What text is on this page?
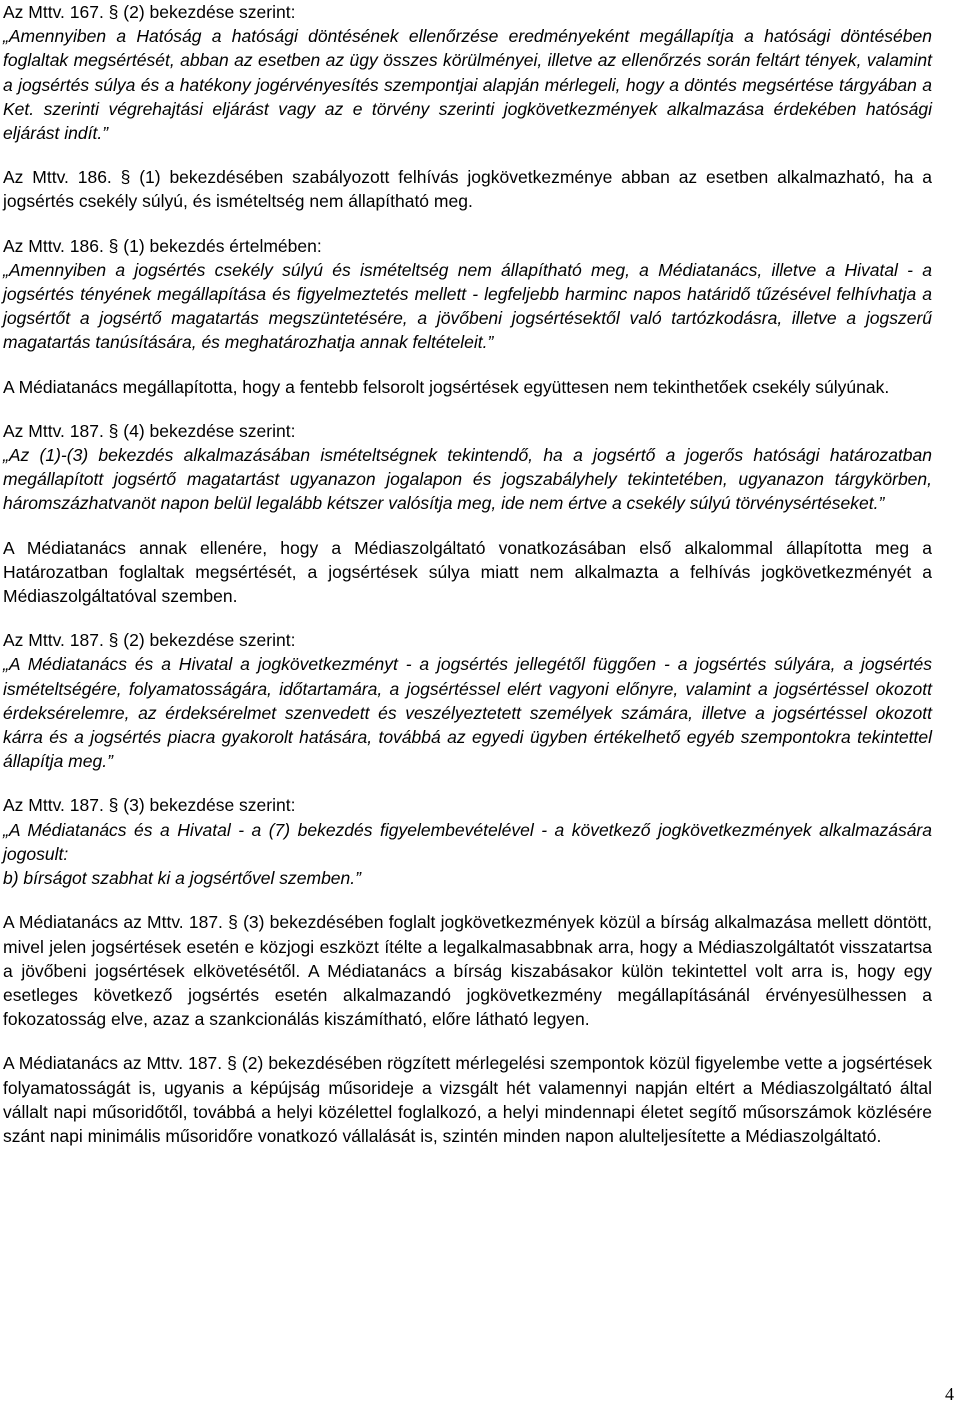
Az Mttv. 167. § (2) bekezdése szerint:
„Amennyiben a Hatóság a hatósági döntésének ellenőrzése eredményeként megállapítja a hatósági döntésében foglaltak megsértését, abban az esetben az ügy összes körülményei, illetve az ellenőrzés során feltárt tények, valamint a jogsértés súlya és a hatékony jogérvényesítés szempontjai alapján mérlegeli, hogy a döntés megsértése tárgyában a Ket. szerinti végrehajtási eljárást vagy az e törvény szerinti jogkövetkezmények alkalmazása érdekében hatósági eljárást indít.”
Az Mttv. 186. § (1) bekezdésében szabályozott felhívás jogkövetkezménye abban az esetben alkalmazható, ha a jogsértés csekély súlyú, és ismételtség nem állapítható meg.
Az Mttv. 186. § (1) bekezdés értelmében:
„Amennyiben a jogsértés csekély súlyú és ismételtség nem állapítható meg, a Médiatanács, illetve a Hivatal - a jogsértés tényének megállapítása és figyelmeztetés mellett - legfeljebb harminc napos határidő tűzésével felhívhatja a jogsértőt a jogsértő magatartás megszüntetésére, a jövőbeni jogsértésektől való tartózkodásra, illetve a jogszerű magatartás tanúsítására, és meghatározhatja annak feltételeit.”
A Médiatanács megállapította, hogy a fentebb felsorolt jogsértések együttesen nem tekinthetőek csekély súlyúnak.
Az Mttv. 187. § (4) bekezdése szerint:
„Az (1)-(3) bekezdés alkalmazásában ismételtségnek tekintendő, ha a jogsértő a jogerős hatósági határozatban megállapított jogsértő magatartást ugyanazon jogalapon és jogszabályhely tekintetében, ugyanazon tárgykörben, háromszázhatvanöt napon belül legalább kétszer valósítja meg, ide nem értve a csekély súlyú törvénysértéseket.”
A Médiatanács annak ellenére, hogy a Médiaszolgáltató vonatkozásában első alkalommal állapította meg a Határozatban foglaltak megsértését, a jogsértések súlya miatt nem alkalmazta a felhívás jogkövetkezményét a Médiaszolgáltatóval szemben.
Az Mttv. 187. § (2) bekezdése szerint:
„A Médiatanács és a Hivatal a jogkövetkezményt - a jogsértés jellegétől függően - a jogsértés súlyára, a jogsértés ismételtségére, folyamatosságára, időtartamára, a jogsértéssel elért vagyoni előnyre, valamint a jogsértéssel okozott érdeksérelemre, az érdeksérelmet szenvedett és veszélyeztetett személyek számára, illetve a jogsértéssel okozott kárra és a jogsértés piacra gyakorolt hatására, továbbá az egyedi ügyben értékelhető egyéb szempontokra tekintettel állapítja meg.”
Az Mttv. 187. § (3) bekezdése szerint:
„A Médiatanács és a Hivatal - a (7) bekezdés figyelembevételével - a következő jogkövetkezmények alkalmazására jogosult:
b) bírságot szabhat ki a jogsértővel szemben.”
A Médiatanács az Mttv. 187. § (3) bekezdésében foglalt jogkövetkezmények közül a bírság alkalmazása mellett döntött, mivel jelen jogsértések esetén e közjogi eszközt ítélte a legalkalmasabbnak arra, hogy a Médiaszolgáltatót visszatartsa a jövőbeni jogsértések elkövetésétől. A Médiatanács a bírság kiszabásakor külön tekintettel volt arra is, hogy egy esetleges következő jogsértés esetén alkalmazandó jogkövetkezmény megállapításánál érvényesülhessen a fokozatosság elve, azaz a szankcionálás kiszámítható, előre látható legyen.
A Médiatanács az Mttv. 187. § (2) bekezdésében rögzített mérlegelési szempontok közül figyelembe vette a jogsértések folyamatosságát is, ugyanis a képújság műsorideje a vizsgált hét valamennyi napján eltért a Médiaszolgáltató által vállalt napi műsoridőtől, továbbá a helyi közélettel foglalkozó, a helyi mindennapi életet segítő műsorszámok közlésére szánt napi minimális műsoridőre vonatkozó vállalását is, szintén minden napon alulteljesítette a Médiaszolgáltató.
4
